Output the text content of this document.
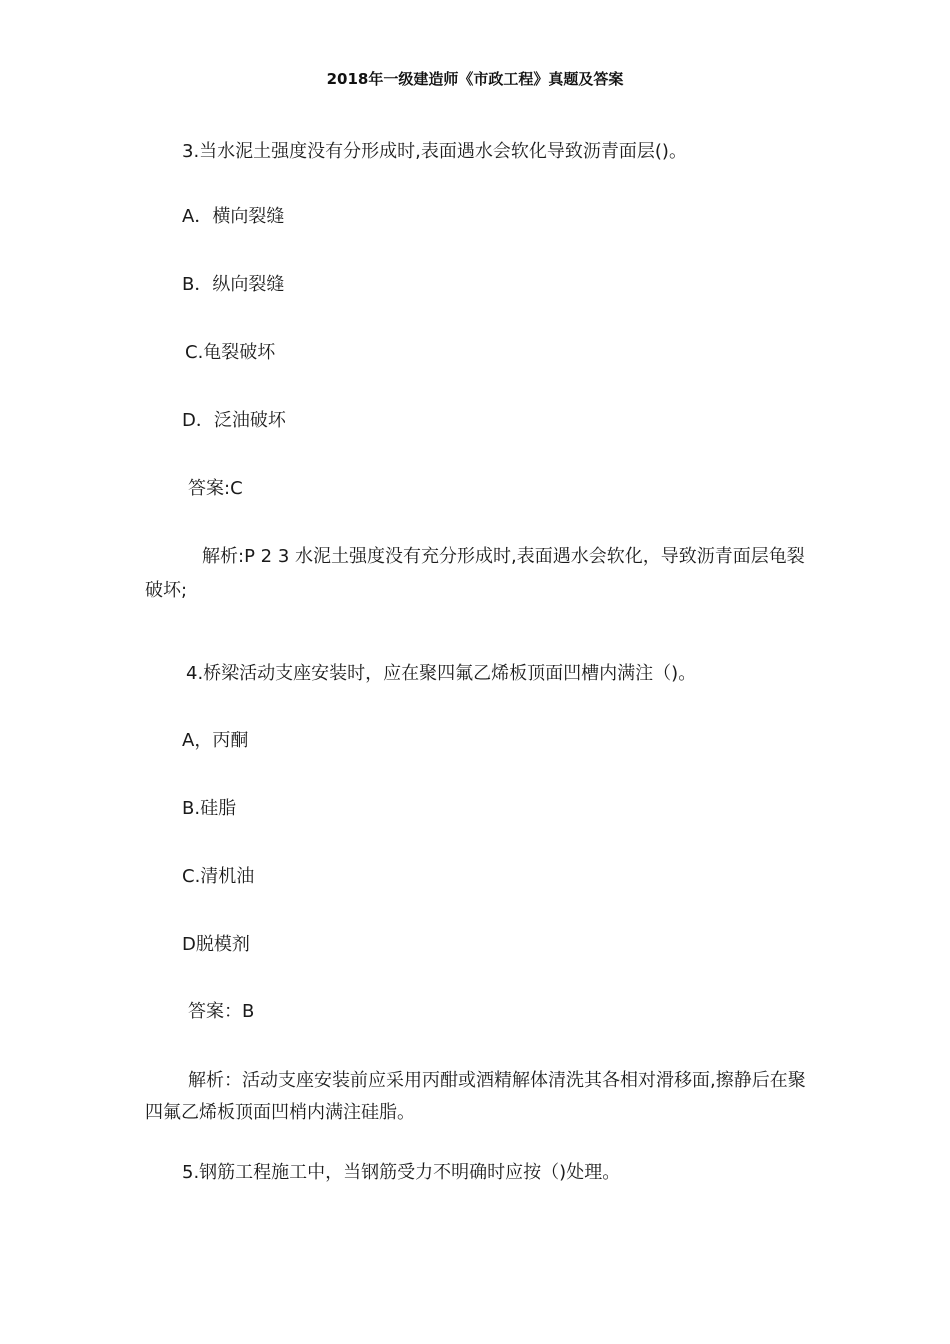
2018年一级建造师《市政工程》真题及答案
3.当水泥土强度没有分形成时,表面遇水会软化导致沥青面层()。
A．横向裂缝
B．纵向裂缝
C.龟裂破坏
D．泛油破坏
答案:C
解析:P 2 3 水泥土强度没有充分形成时,表面遇水会软化，导致沥青面层龟裂破坏;
4.桥梁活动支座安装时，应在聚四氟乙烯板顶面凹槽内满注（)。
A，丙酮
B.硅脂
C.清机油
D脱模剂
答案：B
解析：活动支座安装前应采用丙酣或酒精解体清洗其各相对滑移面,擦静后在聚四氟乙烯板顶面凹梢内满注硅脂。
5.钢筋工程施工中，当钢筋受力不明确时应按（)处理。
